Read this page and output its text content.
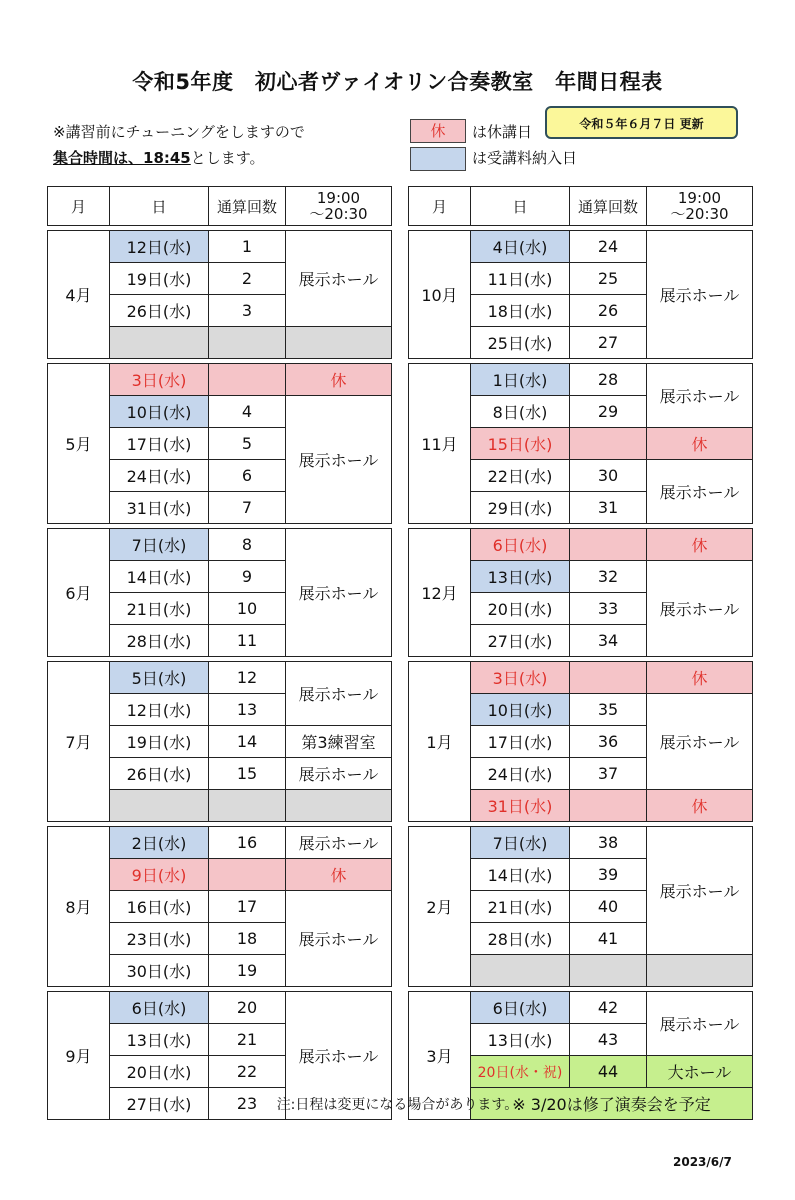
令和5年度　初心者ヴァイオリン合奏教室　年間日程表
※講習前にチューニングをしますので
集合時間は、18:45とします。
令和５年６月７日 更新
休	は休講日
は受講料納入日
月	日	通算回数	19:00
～20:30

4月	12日(水)	1	展示ホール
	19日(水)	2	
	26日(水)	3	

5月	3日(水)		休
	10日(水)	4	展示ホール
	17日(水)	5	
	24日(水)	6	
	31日(水)	7	

6月	7日(水)	8	展示ホール
	14日(水)	9	
	21日(水)	10	
	28日(水)	11	

7月	5日(水)	12	展示ホール
	12日(水)	13	
	19日(水)	14	第3練習室
	26日(水)	15	展示ホール

8月	2日(水)	16	展示ホール
	9日(水)		休
	16日(水)	17	展示ホール
	23日(水)	18	
	30日(水)	19	

9月	6日(水)	20	展示ホール
	13日(水)	21	
	20日(水)	22	
	27日(水)	23	
月	日	通算回数	19:00
～20:30

10月	4日(水)	24	展示ホール
	11日(水)	25	
	18日(水)	26	
	25日(水)	27	

11月	1日(水)	28	展示ホール
	8日(水)	29	
	15日(水)		休
	22日(水)	30	展示ホール
	29日(水)	31	

12月	6日(水)		休
	13日(水)	32	展示ホール
	20日(水)	33	
	27日(水)	34	

1月	3日(水)		休
	10日(水)	35	展示ホール
	17日(水)	36	
	24日(水)	37	
	31日(水)		休

2月	7日(水)	38	展示ホール
	14日(水)	39	
	21日(水)	40	
	28日(水)	41	

3月	6日(水)	42	展示ホール
	13日(水)	43	
	20日(水・祝)	44	大ホール
	※ 3/20は修了演奏会を予定		
注:日程は変更になる場合があります。
2023/6/7
